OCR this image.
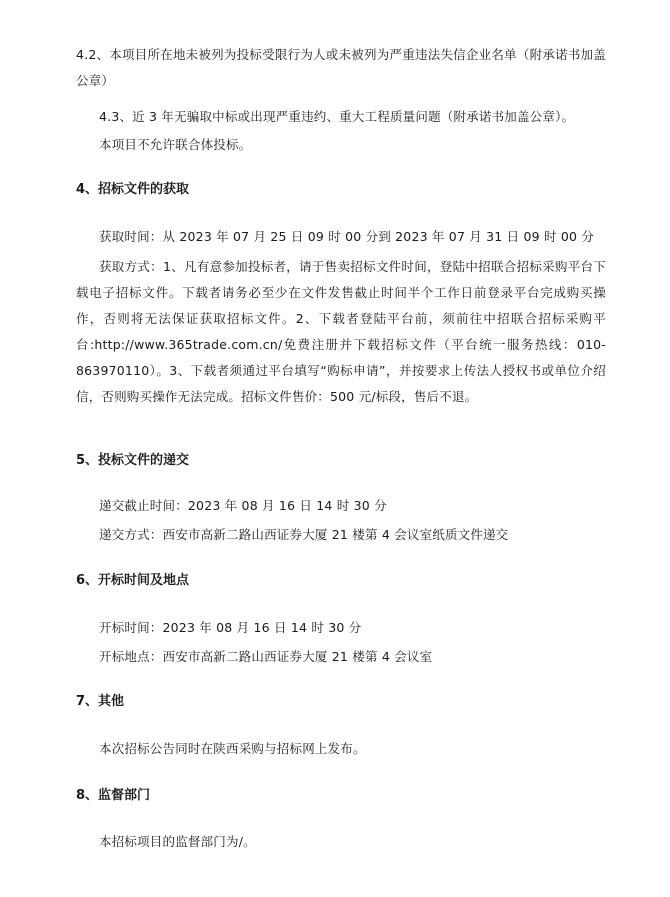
4.2、本项目所在地未被列为投标受限行为人或未被列为严重违法失信企业名单（附承诺书加盖公章）
4.3、近 3 年无骗取中标或出现严重违约、重大工程质量问题（附承诺书加盖公章）。
本项目不允许联合体投标。
4、招标文件的获取
获取时间：从 2023 年 07 月 25 日 09 时 00 分到 2023 年 07 月 31 日 09 时 00 分
获取方式：1、凡有意参加投标者，请于售卖招标文件时间，登陆中招联合招标采购平台下载电子招标文件。下载者请务必至少在文件发售截止时间半个工作日前登录平台完成购买操作，否则将无法保证获取招标文件。2、下载者登陆平台前，须前往中招联合招标采购平台:http://www.365trade.com.cn/免费注册并下载招标文件（平台统一服务热线：010-863970110）。3、下载者须通过平台填写“购标申请”，并按要求上传法人授权书或单位介绍信，否则购买操作无法完成。招标文件售价：500 元/标段，售后不退。
5、投标文件的递交
递交截止时间：2023 年 08 月 16 日 14 时 30 分
递交方式：西安市高新二路山西证券大厦 21 楼第 4 会议室纸质文件递交
6、开标时间及地点
开标时间：2023 年 08 月 16 日 14 时 30 分
开标地点：西安市高新二路山西证券大厦 21 楼第 4 会议室
7、其他
本次招标公告同时在陕西采购与招标网上发布。
8、监督部门
本招标项目的监督部门为/。
